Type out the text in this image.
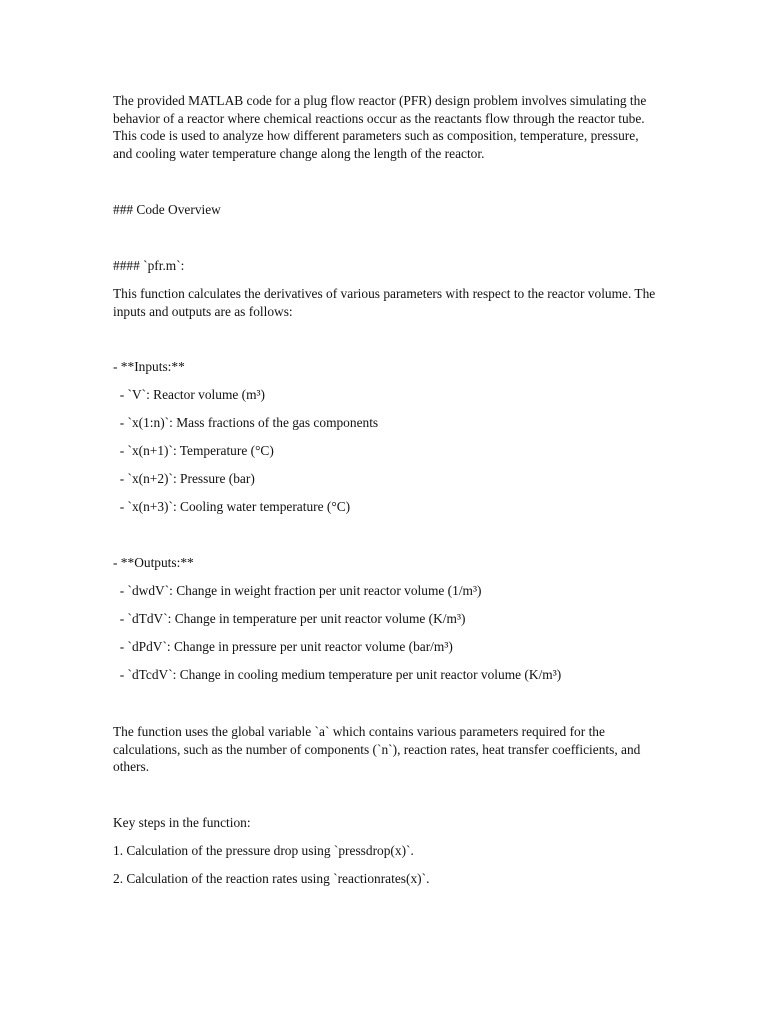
The provided MATLAB code for a plug flow reactor (PFR) design problem involves simulating the behavior of a reactor where chemical reactions occur as the reactants flow through the reactor tube. This code is used to analyze how different parameters such as composition, temperature, pressure, and cooling water temperature change along the length of the reactor.
### Code Overview
#### `pfr.m`:
This function calculates the derivatives of various parameters with respect to the reactor volume. The inputs and outputs are as follows:
- **Inputs:**
- `V`: Reactor volume (m³)
- `x(1:n)`: Mass fractions of the gas components
- `x(n+1)`: Temperature (°C)
- `x(n+2)`: Pressure (bar)
- `x(n+3)`: Cooling water temperature (°C)
- **Outputs:**
- `dwdV`: Change in weight fraction per unit reactor volume (1/m³)
- `dTdV`: Change in temperature per unit reactor volume (K/m³)
- `dPdV`: Change in pressure per unit reactor volume (bar/m³)
- `dTcdV`: Change in cooling medium temperature per unit reactor volume (K/m³)
The function uses the global variable `a` which contains various parameters required for the calculations, such as the number of components (`n`), reaction rates, heat transfer coefficients, and others.
Key steps in the function:
1. Calculation of the pressure drop using `pressdrop(x)`.
2. Calculation of the reaction rates using `reactionrates(x)`.
